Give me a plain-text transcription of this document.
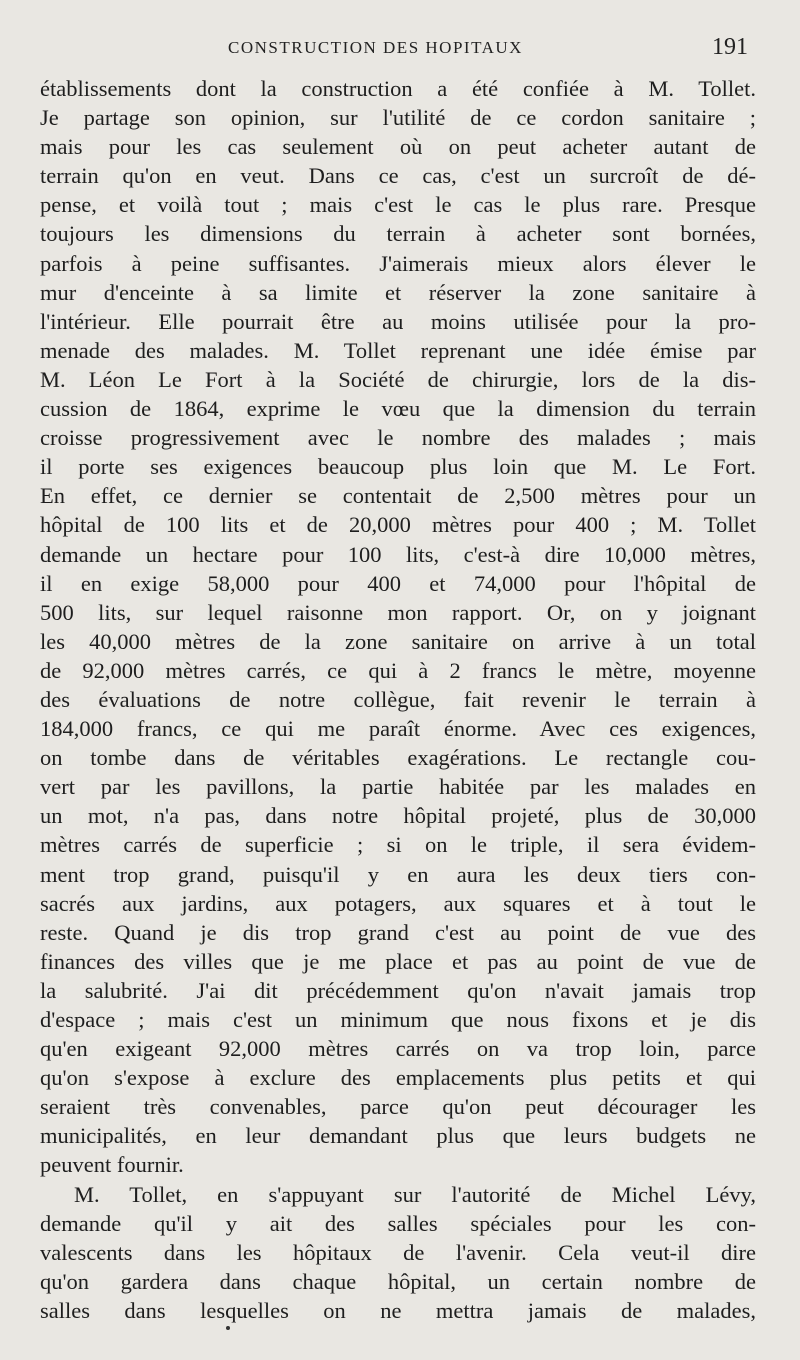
CONSTRUCTION DES HOPITAUX	191
établissements dont la construction a été confiée à M. Tollet.
Je partage son opinion, sur l'utilité de ce cordon sanitaire ;
mais pour les cas seulement où on peut acheter autant de
terrain qu'on en veut. Dans ce cas, c'est un surcroît de dé-
pense, et voilà tout ; mais c'est le cas le plus rare. Presque
toujours les dimensions du terrain à acheter sont bornées,
parfois à peine suffisantes. J'aimerais mieux alors élever le
mur d'enceinte à sa limite et réserver la zone sanitaire à
l'intérieur. Elle pourrait être au moins utilisée pour la pro-
menade des malades. M. Tollet reprenant une idée émise par
M. Léon Le Fort à la Société de chirurgie, lors de la dis-
cussion de 1864, exprime le vœu que la dimension du terrain
croisse progressivement avec le nombre des malades ; mais
il porte ses exigences beaucoup plus loin que M. Le Fort.
En effet, ce dernier se contentait de 2,500 mètres pour un
hôpital de 100 lits et de 20,000 mètres pour 400 ; M. Tollet
demande un hectare pour 100 lits, c'est-à dire 10,000 mètres,
il en exige 58,000 pour 400 et 74,000 pour l'hôpital de
500 lits, sur lequel raisonne mon rapport. Or, on y joignant
les 40,000 mètres de la zone sanitaire on arrive à un total
de 92,000 mètres carrés, ce qui à 2 francs le mètre, moyenne
des évaluations de notre collègue, fait revenir le terrain à
184,000 francs, ce qui me paraît énorme. Avec ces exigences,
on tombe dans de véritables exagérations. Le rectangle cou-
vert par les pavillons, la partie habitée par les malades en
un mot, n'a pas, dans notre hôpital projeté, plus de 30,000
mètres carrés de superficie ; si on le triple, il sera évidem-
ment trop grand, puisqu'il y en aura les deux tiers con-
sacrés aux jardins, aux potagers, aux squares et à tout le
reste. Quand je dis trop grand c'est au point de vue des
finances des villes que je me place et pas au point de vue de
la salubrité. J'ai dit précédemment qu'on n'avait jamais trop
d'espace ; mais c'est un minimum que nous fixons et je dis
qu'en exigeant 92,000 mètres carrés on va trop loin, parce
qu'on s'expose à exclure des emplacements plus petits et qui
seraient très convenables, parce qu'on peut décourager les
municipalités, en leur demandant plus que leurs budgets ne
peuvent fournir.
M. Tollet, en s'appuyant sur l'autorité de Michel Lévy,
demande qu'il y ait des salles spéciales pour les con-
valescents dans les hôpitaux de l'avenir. Cela veut-il dire
qu'on gardera dans chaque hôpital, un certain nombre de
salles dans lesquelles on ne mettra jamais de malades,
